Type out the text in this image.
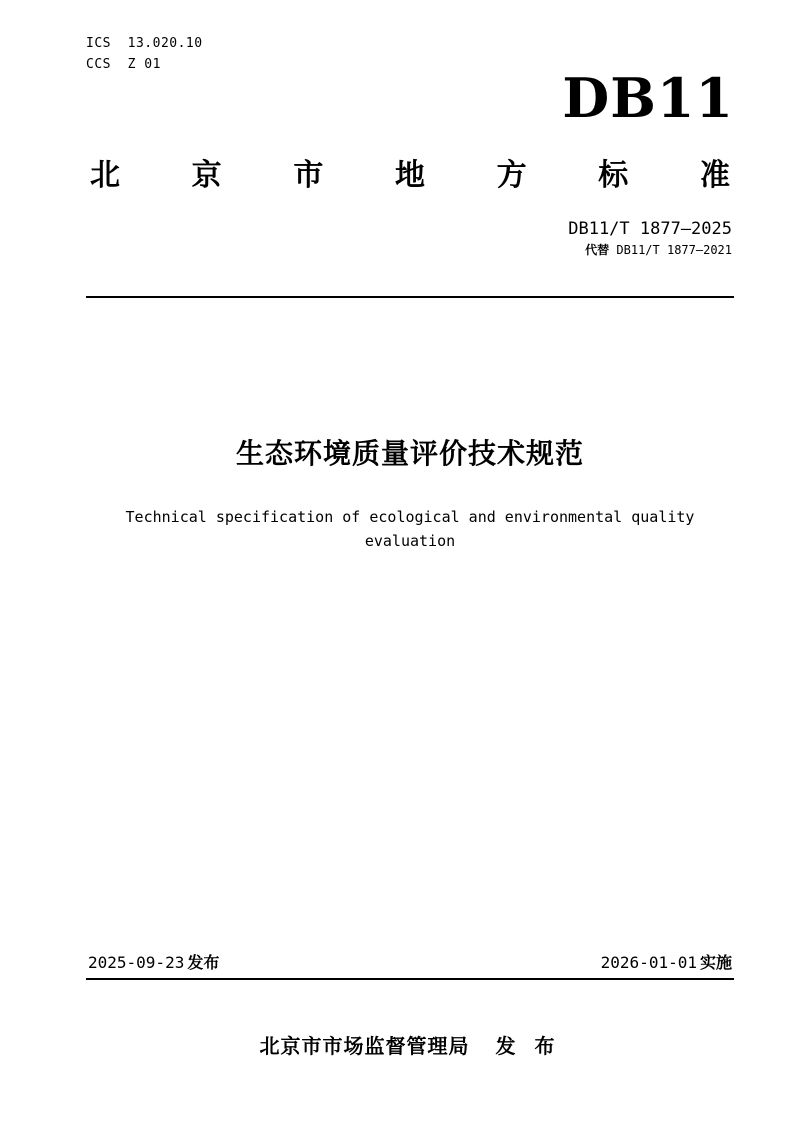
ICS 13.020.10
CCS Z 01
DB11
北 京 市 地 方 标 准
DB11/T 1877—2025
代替 DB11/T 1877—2021
生态环境质量评价技术规范
Technical specification of ecological and environmental quality
evaluation
2025-09-23 发布	2026-01-01 实施
北京市市场监督管理局 发 布
